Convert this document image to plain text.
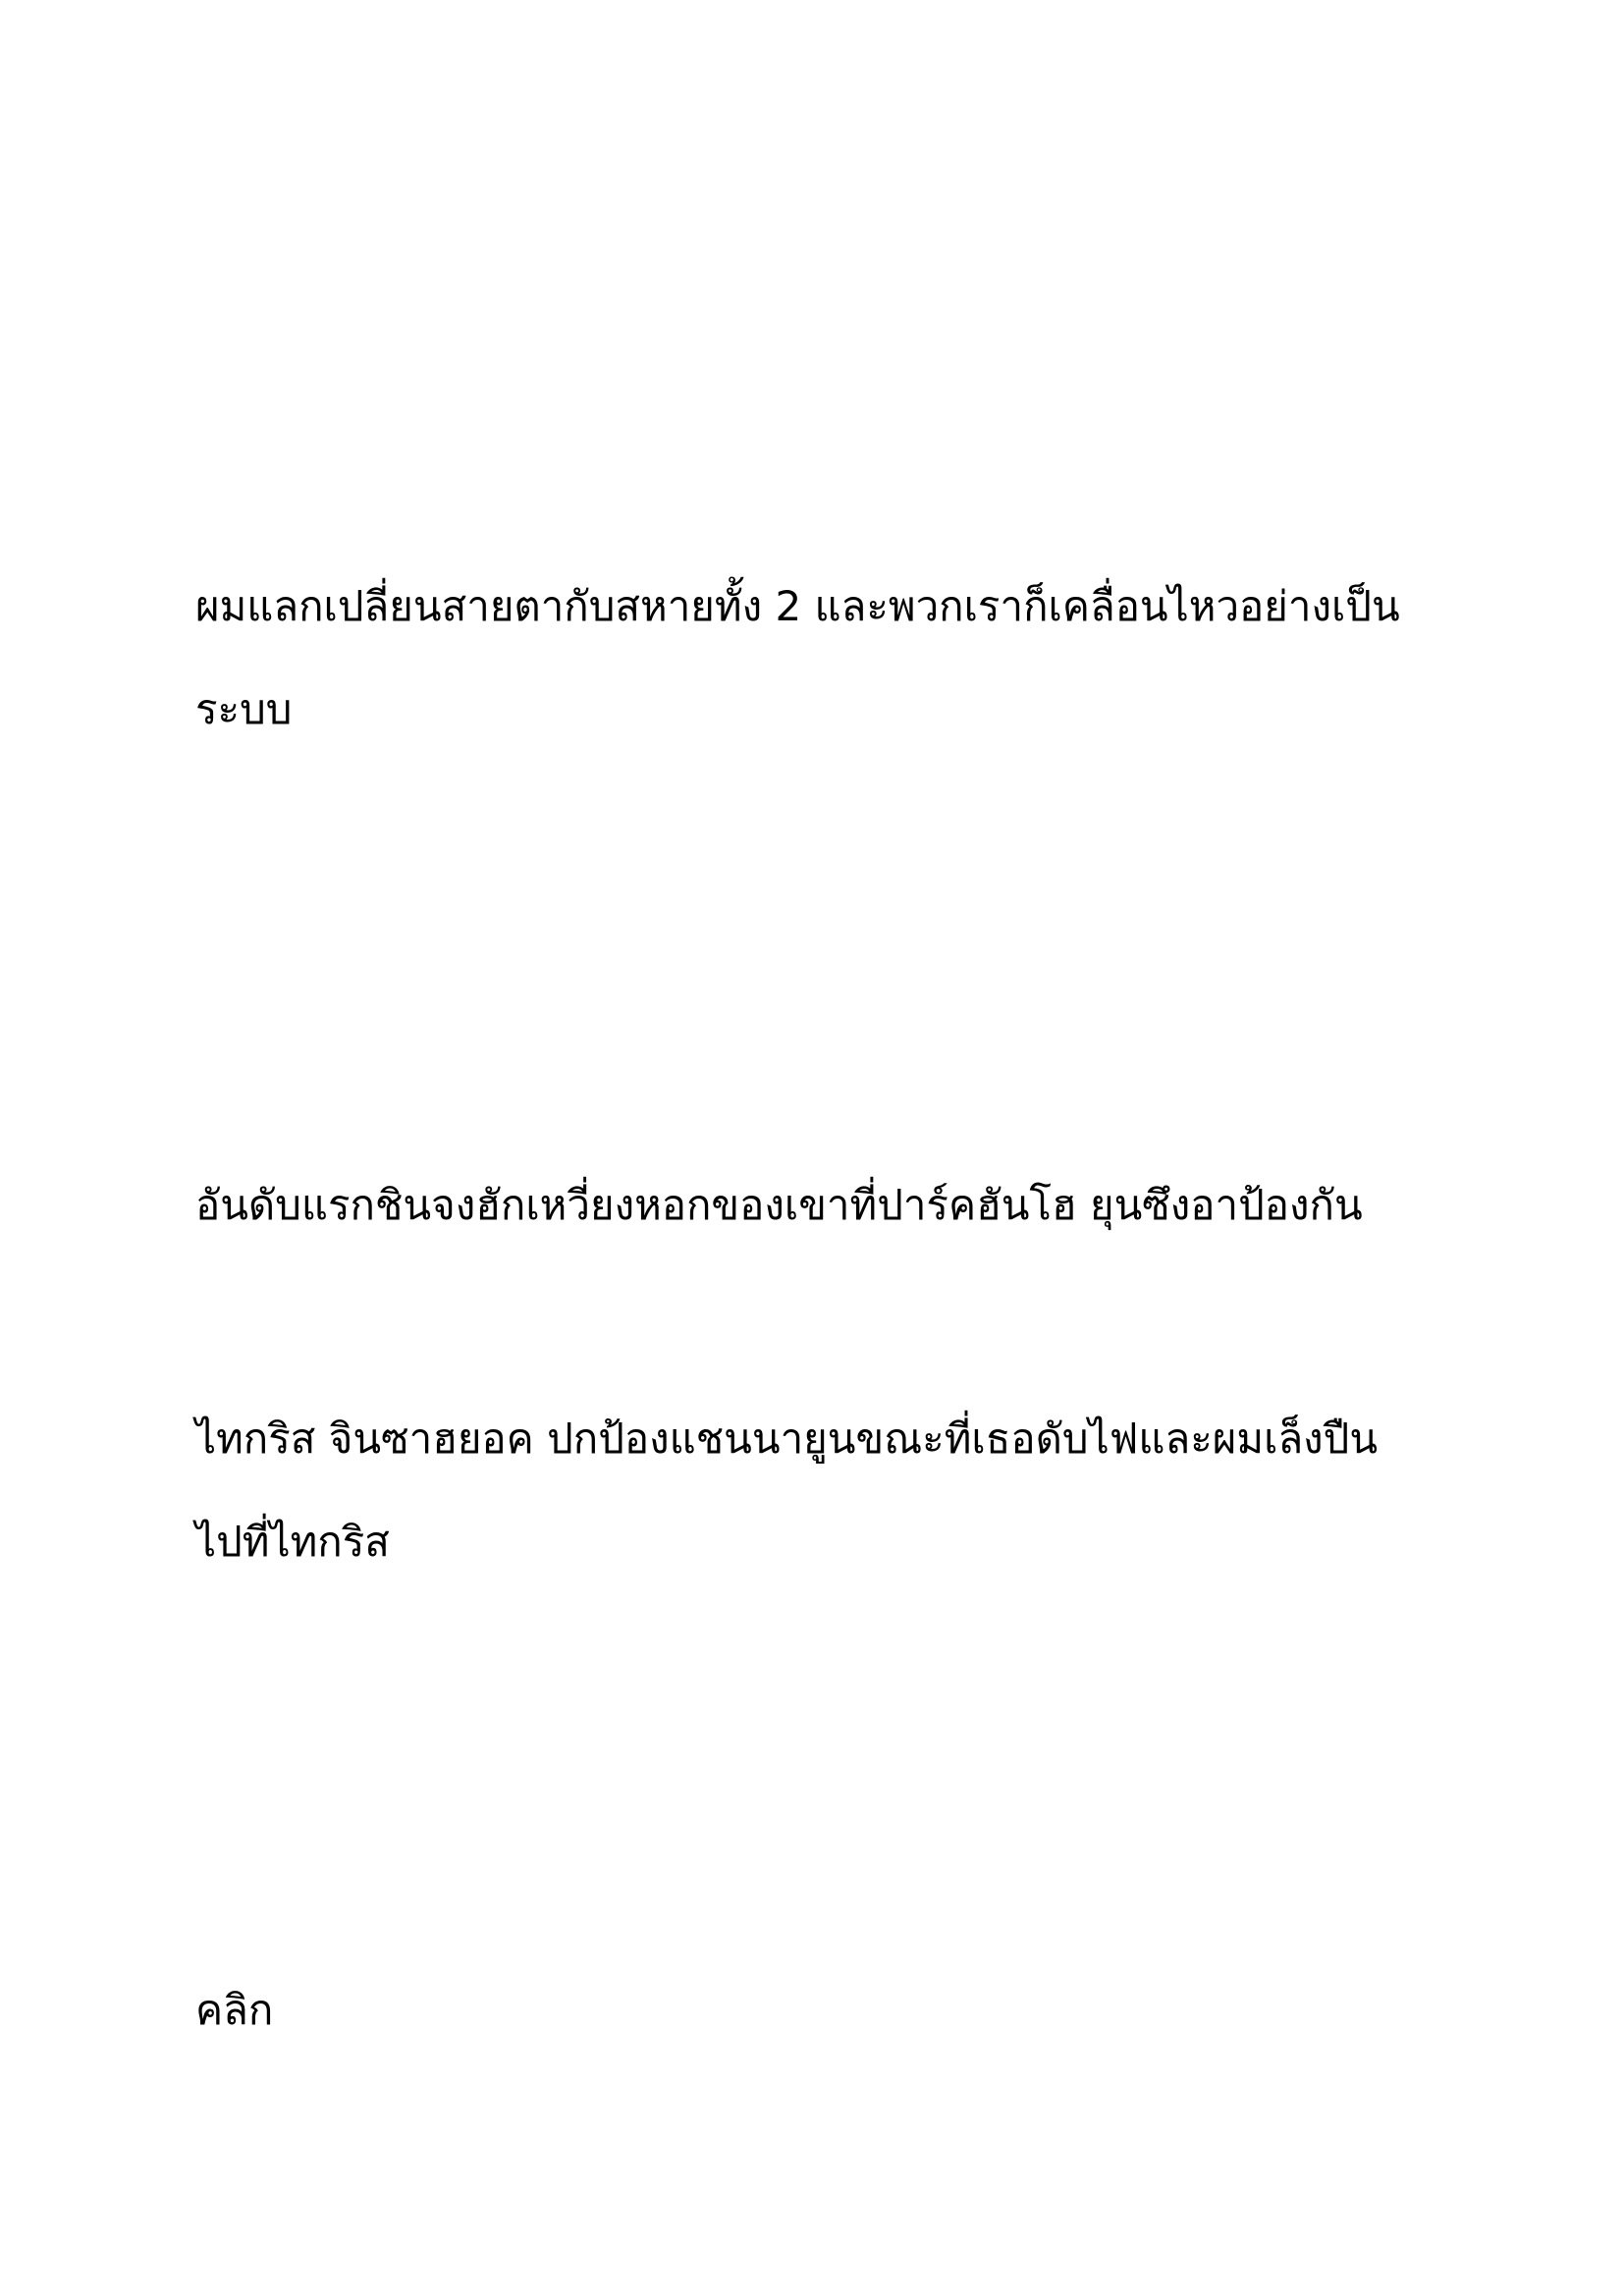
ผมแลกเปลี่ยนสายตากับสหายทั้ง 2 และพวกเราก็เคลื่อนไหวอย่างเป็น
ระบบ

อันดับแรกชินจงฮักเหวี่ยงหอกของเขาที่ปาร์คฮันโฮ ยุนซึงอาป้องกัน

ไทกริส จินซาฮยอค ปกป้องแชนนายูนขณะที่เธอดับไฟและผมเล็งปืน
ไปที่ไทกริส

คลิก
